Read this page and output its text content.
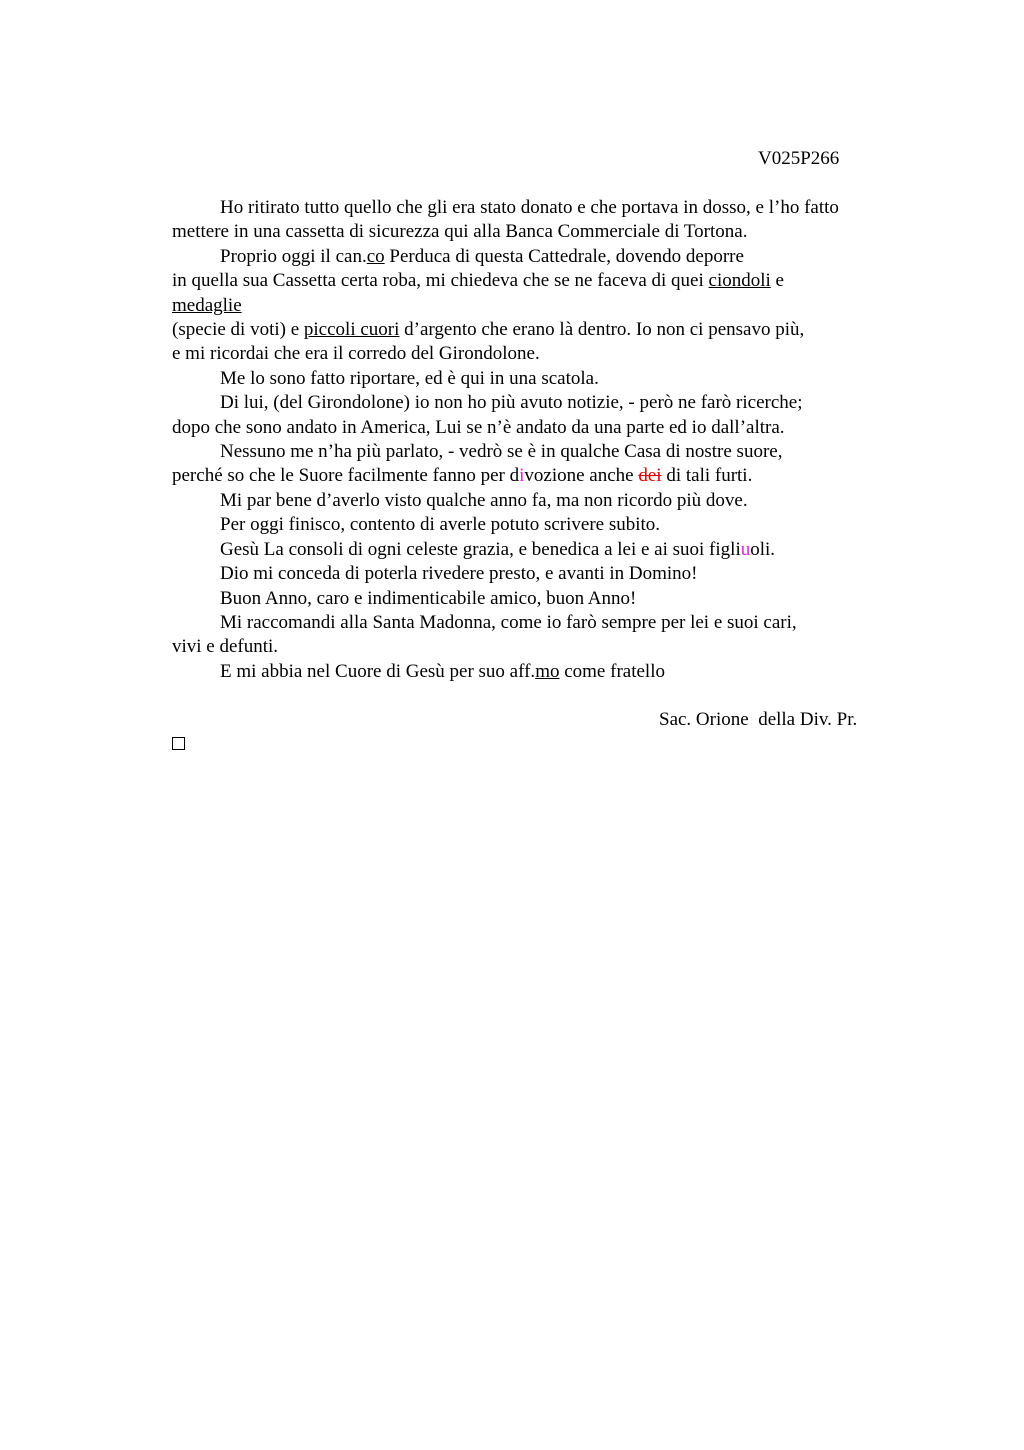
V025P266
Ho ritirato tutto quello che gli era stato donato e che portava in dosso, e l’ho fatto
mettere in una cassetta di sicurezza qui alla Banca Commerciale di Tortona.
Proprio oggi il can.co Perduca di questa Cattedrale, dovendo deporre
in quella sua Cassetta certa roba, mi chiedeva che se ne faceva di quei ciondoli e
medaglie
(specie di voti) e piccoli cuori d’argento che erano là dentro. Io non ci pensavo più,
e mi ricordai che era il corredo del Girondolone.
Me lo sono fatto riportare, ed è qui in una scatola.
Di lui, (del Girondolone) io non ho più avuto notizie, - però ne farò ricerche;
dopo che sono andato in America, Lui se n’è andato da una parte ed io dall’altra.
Nessuno me n’ha più parlato, - vedrò se è in qualche Casa di nostre suore,
perché so che le Suore facilmente fanno per divozione anche dei di tali furti.
Mi par bene d’averlo visto qualche anno fa, ma non ricordo più dove.
Per oggi finisco, contento di averle potuto scrivere subito.
Gesù La consoli di ogni celeste grazia, e benedica a lei e ai suoi figliuoli.
Dio mi conceda di poterla rivedere presto, e avanti in Domino!
Buon Anno, caro e indimenticabile amico, buon Anno!
Mi raccomandi alla Santa Madonna, come io farò sempre per lei e suoi cari,
vivi e defunti.
E mi abbia nel Cuore di Gesù per suo aff.mo come fratello
Sac. Orione  della Div. Pr.
